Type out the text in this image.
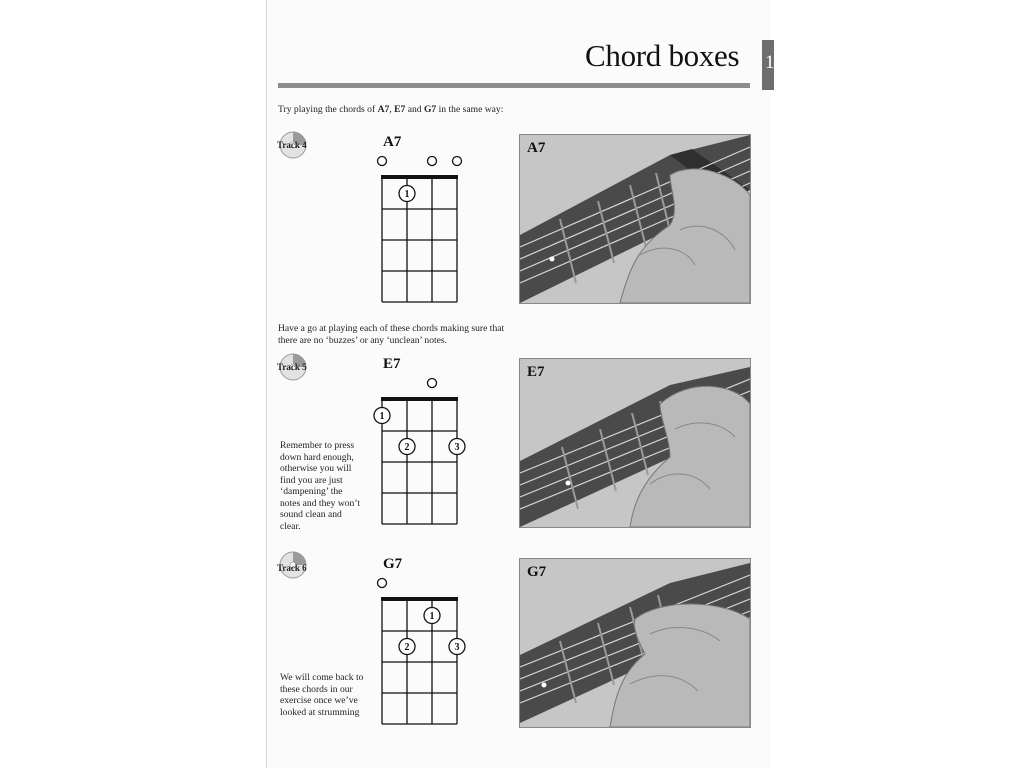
Chord boxes 1
Try playing the chords of A7, E7 and G7 in the same way:
Have a go at playing each of these chords making sure that there are no ‘buzzes’ or any ‘unclean’ notes.
Remember to press down hard enough, otherwise you will find you are just ‘dampening’ the notes and they won’t sound clean and clear.
We will come back to these chords in our exercise once we’ve looked at strumming
Track 4	A7
1
A7
Track 5	E7
1
2	3
E7
Track 6	G7
1
2	3
G7
